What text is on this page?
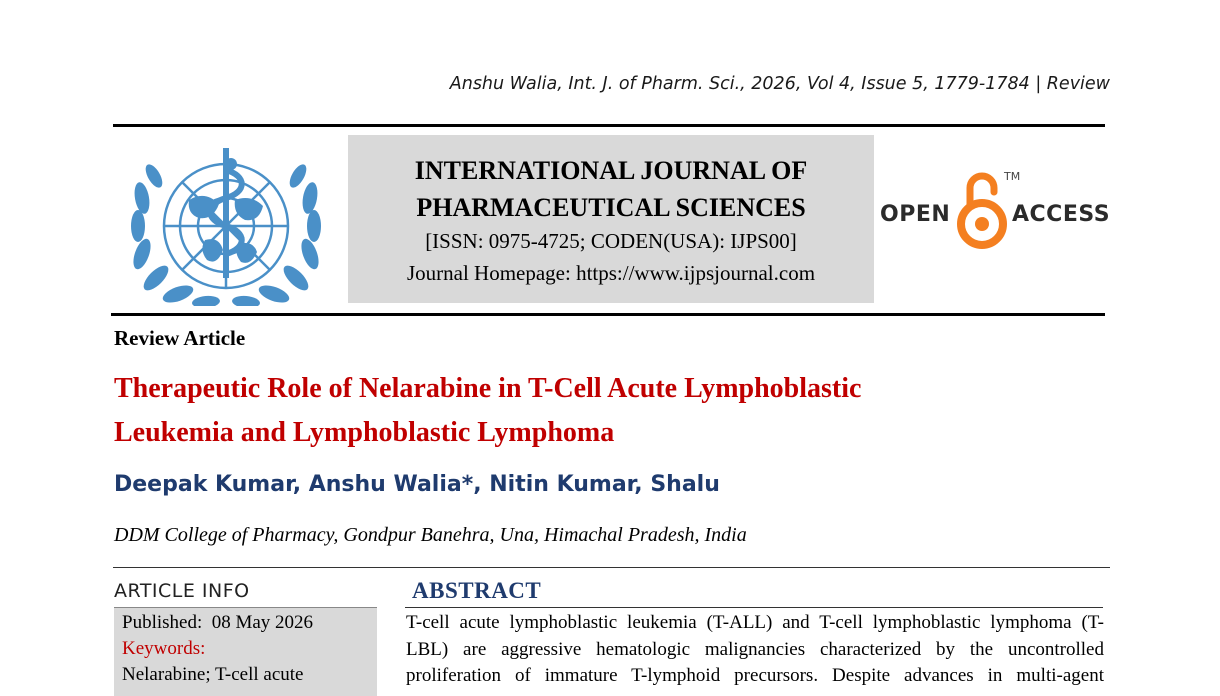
Anshu Walia, Int. J. of Pharm. Sci., 2026, Vol 4, Issue 5, 1779-1784 | Review
INTERNATIONAL JOURNAL OF
PHARMACEUTICAL SCIENCES
[ISSN: 0975-4725; CODEN(USA): IJPS00]
Journal Homepage: https://www.ijpsjournal.com
OPEN
TM
ACCESS
Review Article
Therapeutic Role of Nelarabine in T-Cell Acute Lymphoblastic
Leukemia and Lymphoblastic Lymphoma
Deepak Kumar, Anshu Walia*, Nitin Kumar, Shalu
DDM College of Pharmacy, Gondpur Banehra, Una, Himachal Pradesh, India
ARTICLE INFO
Published:  08 May 2026
Keywords:
Nelarabine; T-cell acute
ABSTRACT
T-cell acute lymphoblastic leukemia (T-ALL) and T-cell lymphoblastic lymphoma (T-
LBL) are aggressive hematologic malignancies characterized by the uncontrolled
proliferation of immature T-lymphoid precursors. Despite advances in multi-agent
